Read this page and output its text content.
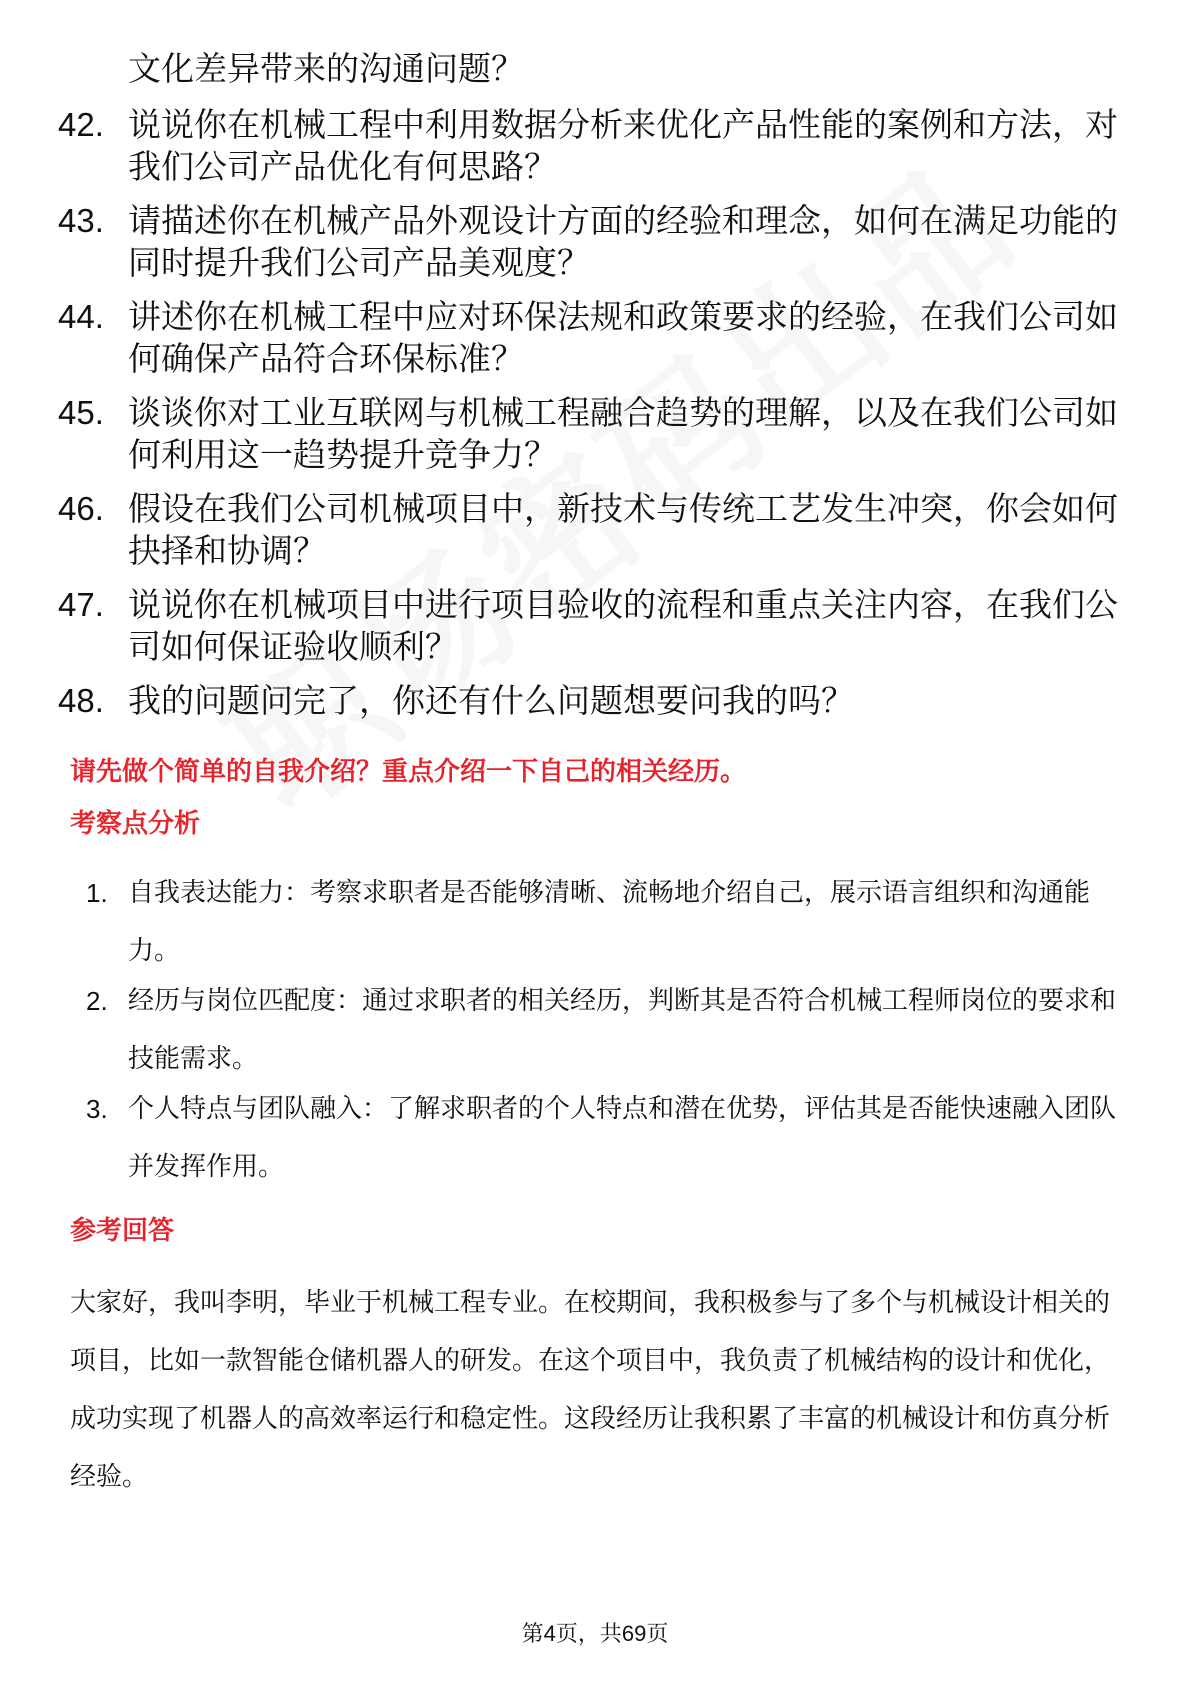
文化差异带来的沟通问题？

42. 说说你在机械工程中利用数据分析来优化产品性能的案例和方法，对我们公司产品优化有何思路？
43. 请描述你在机械产品外观设计方面的经验和理念，如何在满足功能的同时提升我们公司产品美观度？
44. 讲述你在机械工程中应对环保法规和政策要求的经验，在我们公司如何确保产品符合环保标准？
45. 谈谈你对工业互联网与机械工程融合趋势的理解，以及在我们公司如何利用这一趋势提升竞争力？
46. 假设在我们公司机械项目中，新技术与传统工艺发生冲突，你会如何抉择和协调？
47. 说说你在机械项目中进行项目验收的流程和重点关注内容，在我们公司如何保证验收顺利？
48. 我的问题问完了，你还有什么问题想要问我的吗？
请先做个简单的自我介绍？重点介绍一下自己的相关经历。
考察点分析
1. 自我表达能力：考察求职者是否能够清晰、流畅地介绍自己，展示语言组织和沟通能力。
2. 经历与岗位匹配度：通过求职者的相关经历，判断其是否符合机械工程师岗位的要求和技能需求。
3. 个人特点与团队融入：了解求职者的个人特点和潜在优势，评估其是否能快速融入团队并发挥作用。
参考回答

大家好，我叫李明，毕业于机械工程专业。在校期间，我积极参与了多个与机械设计相关的项目，比如一款智能仓储机器人的研发。在这个项目中，我负责了机械结构的设计和优化，成功实现了机器人的高效率运行和稳定性。这段经历让我积累了丰富的机械设计和仿真分析经验。

第4页，共69页
